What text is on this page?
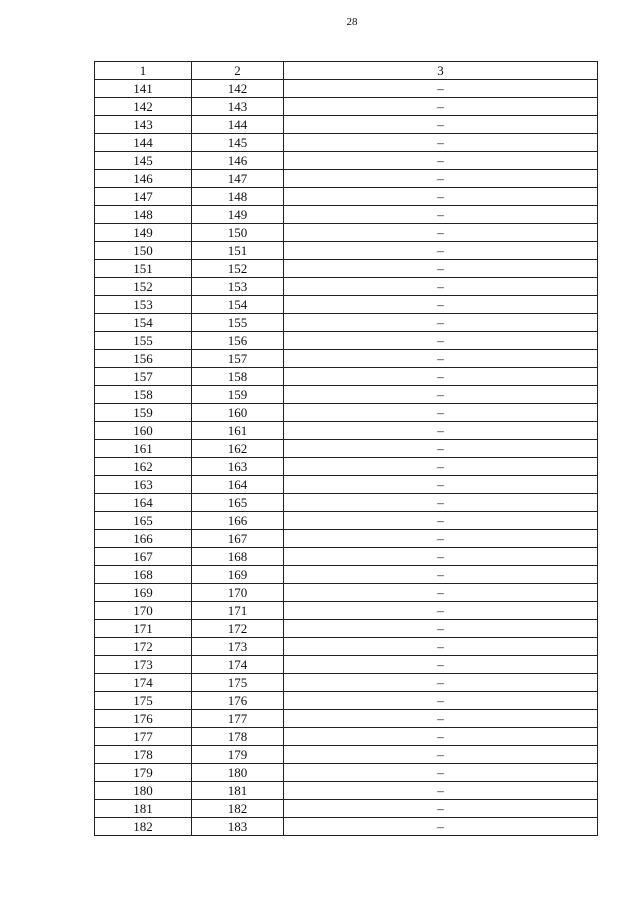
28
1	2	3
141	142	–
142	143	–
143	144	–
144	145	–
145	146	–
146	147	–
147	148	–
148	149	–
149	150	–
150	151	–
151	152	–
152	153	–
153	154	–
154	155	–
155	156	–
156	157	–
157	158	–
158	159	–
159	160	–
160	161	–
161	162	–
162	163	–
163	164	–
164	165	–
165	166	–
166	167	–
167	168	–
168	169	–
169	170	–
170	171	–
171	172	–
172	173	–
173	174	–
174	175	–
175	176	–
176	177	–
177	178	–
178	179	–
179	180	–
180	181	–
181	182	–
182	183	–
